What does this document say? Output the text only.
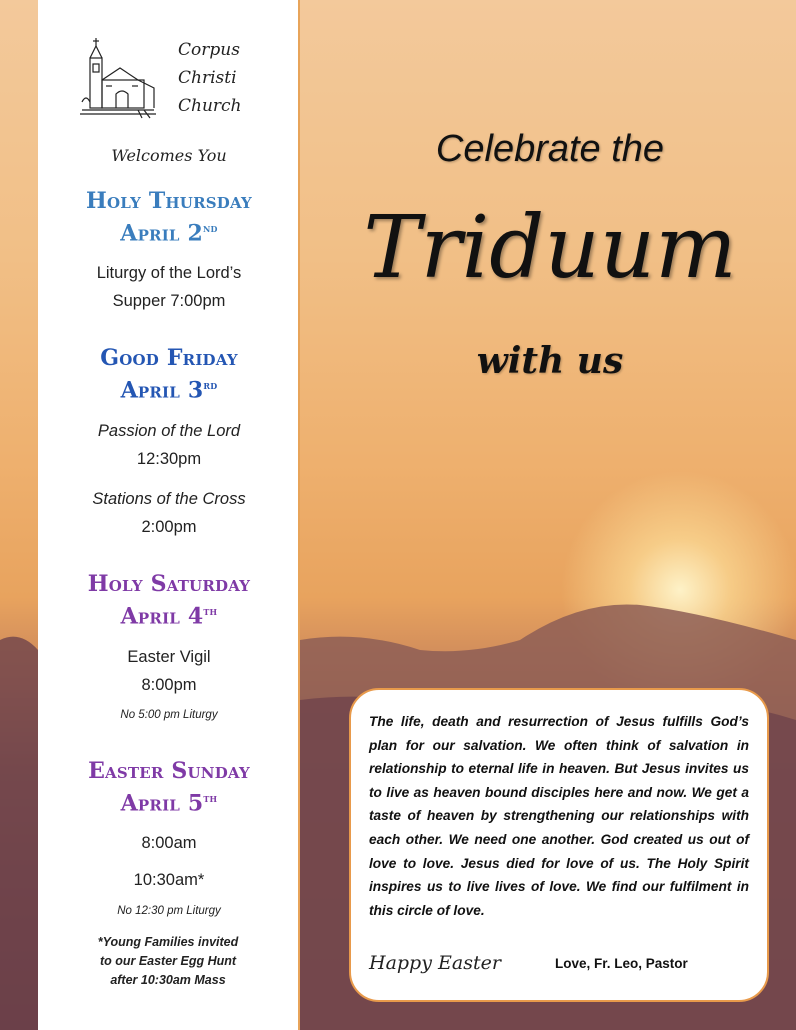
Corpus
Christi
Church
Welcomes You
Holy Thursday
April 2nd
Liturgy of the Lord’s
Supper 7:00pm
Good Friday
April 3rd
Passion of the Lord
12:30pm
Stations of the Cross
2:00pm
Holy Saturday
April 4th
Easter Vigil
8:00pm
No 5:00 pm Liturgy
Easter Sunday
April 5th
8:00am
10:30am*
No 12:30 pm Liturgy
*Young Families invited
to our Easter Egg Hunt
after 10:30am Mass
Celebrate the
Triduum
with us
The life, death and resurrection of Jesus fulfills God’s plan for our salvation. We often think of salvation in relationship to eternal life in heaven. But Jesus invites us to live as heaven bound disciples here and now. We get a taste of heaven by strengthening our relationships with each other. We need one another. God created us out of love to love. Jesus died for love of us. The Holy Spirit inspires us to live lives of love. We find our fulfilment in this circle of love.
Happy Easter	Love, Fr. Leo, Pastor
